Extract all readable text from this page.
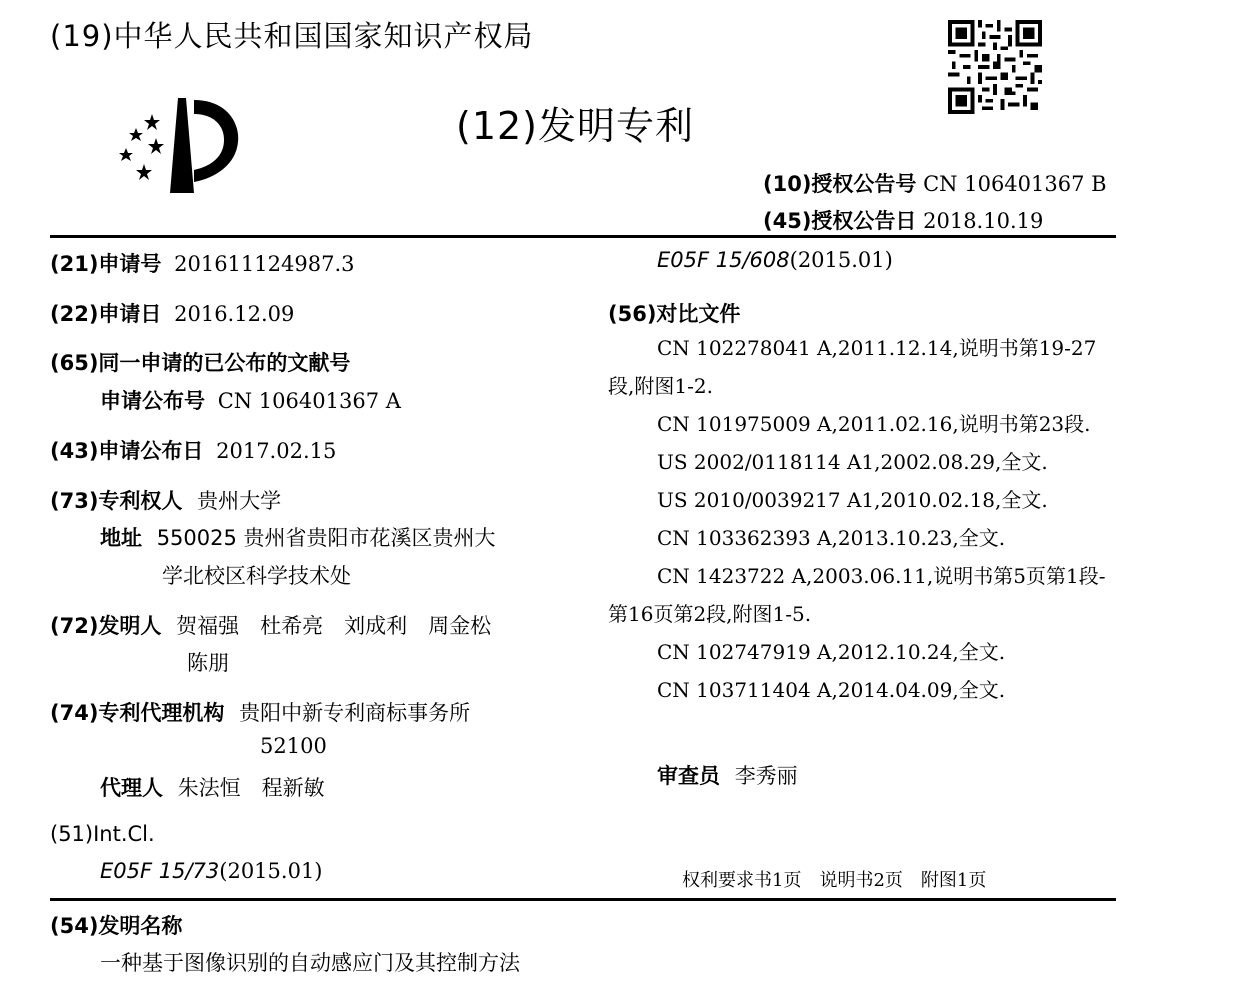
(19)中华人民共和国国家知识产权局
(12)发明专利
(10)授权公告号 CN 106401367 B
(45)授权公告日 2018.10.19
(21)申请号 201611124987.3
(22)申请日 2016.12.09
(65)同一申请的已公布的文献号
申请公布号 CN 106401367 A
(43)申请公布日 2017.02.15
(73)专利权人 贵州大学
地址 550025 贵州省贵阳市花溪区贵州大
学北校区科学技术处
(72)发明人 贺福强　杜希亮　刘成利　周金松
陈朋
(74)专利代理机构 贵阳中新专利商标事务所
52100
代理人 朱法恒　程新敏
(51)Int.Cl.
E05F 15/73(2015.01)
E05F 15/608(2015.01)
(56)对比文件
CN 102278041 A,2011.12.14,说明书第19-27段,附图1-2.
CN 101975009 A,2011.02.16,说明书第23段.
US 2002/0118114 A1,2002.08.29,全文.
US 2010/0039217 A1,2010.02.18,全文.
CN 103362393 A,2013.10.23,全文.
CN 1423722 A,2003.06.11,说明书第5页第1段-第16页第2段,附图1-5.
CN 102747919 A,2012.10.24,全文.
CN 103711404 A,2014.04.09,全文.
审查员 李秀丽
权利要求书1页　说明书2页　附图1页
(54)发明名称
一种基于图像识别的自动感应门及其控制方法
